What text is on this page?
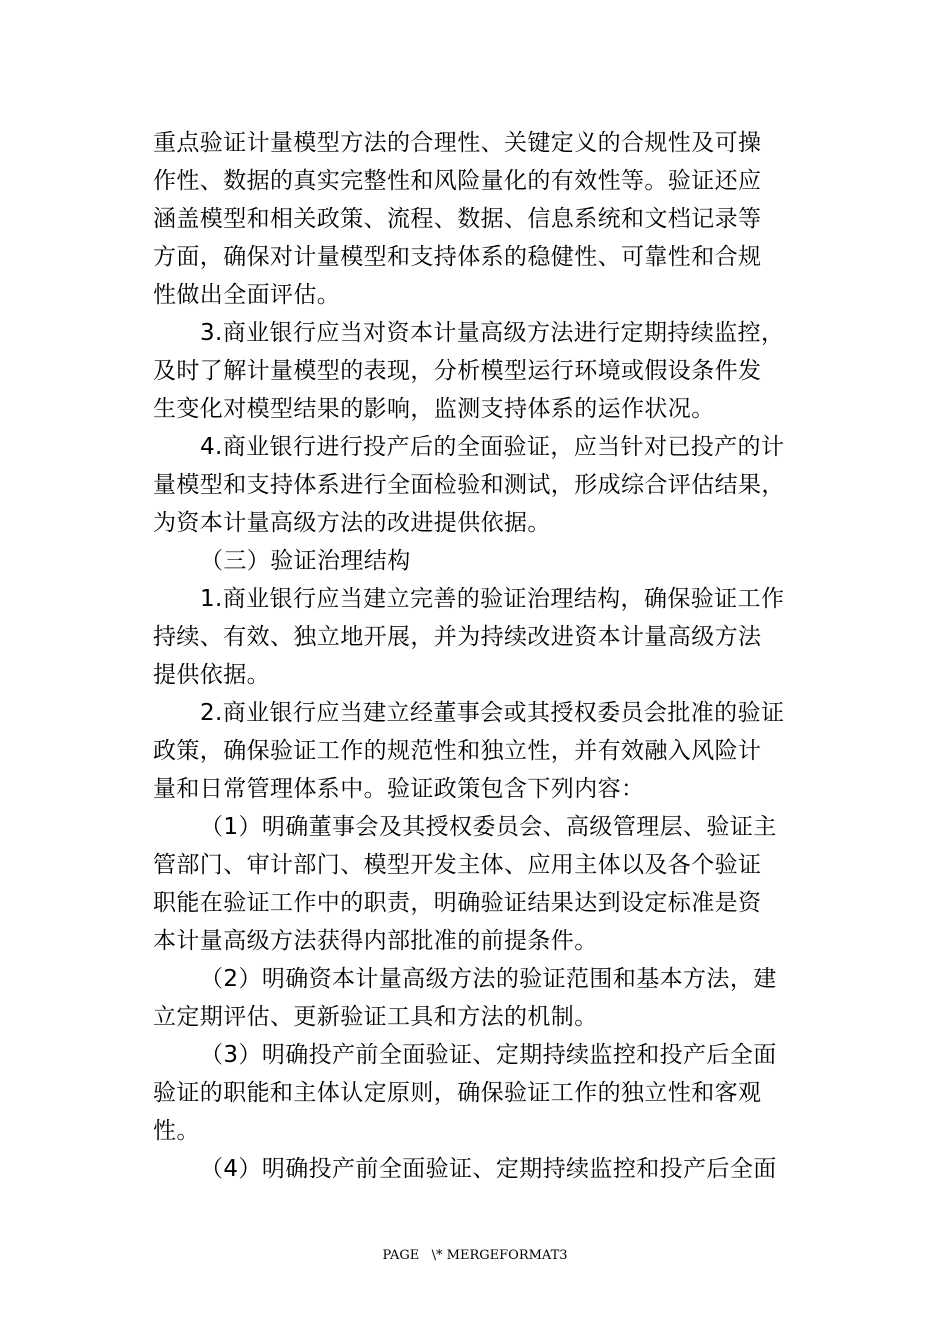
重点验证计量模型方法的合理性、关键定义的合规性及可操
作性、数据的真实完整性和风险量化的有效性等。验证还应
涵盖模型和相关政策、流程、数据、信息系统和文档记录等
方面，确保对计量模型和支持体系的稳健性、可靠性和合规
性做出全面评估。
3.商业银行应当对资本计量高级方法进行定期持续监控，
及时了解计量模型的表现，分析模型运行环境或假设条件发
生变化对模型结果的影响，监测支持体系的运作状况。
4.商业银行进行投产后的全面验证，应当针对已投产的计
量模型和支持体系进行全面检验和测试，形成综合评估结果，
为资本计量高级方法的改进提供依据。
（三）验证治理结构
1.商业银行应当建立完善的验证治理结构，确保验证工作
持续、有效、独立地开展，并为持续改进资本计量高级方法
提供依据。
2.商业银行应当建立经董事会或其授权委员会批准的验证
政策，确保验证工作的规范性和独立性，并有效融入风险计
量和日常管理体系中。验证政策包含下列内容：
（1）明确董事会及其授权委员会、高级管理层、验证主
管部门、审计部门、模型开发主体、应用主体以及各个验证
职能在验证工作中的职责，明确验证结果达到设定标准是资
本计量高级方法获得内部批准的前提条件。
（2）明确资本计量高级方法的验证范围和基本方法，建
立定期评估、更新验证工具和方法的机制。
（3）明确投产前全面验证、定期持续监控和投产后全面
验证的职能和主体认定原则，确保验证工作的独立性和客观
性。
（4）明确投产前全面验证、定期持续监控和投产后全面
PAGE   \* MERGEFORMAT3
